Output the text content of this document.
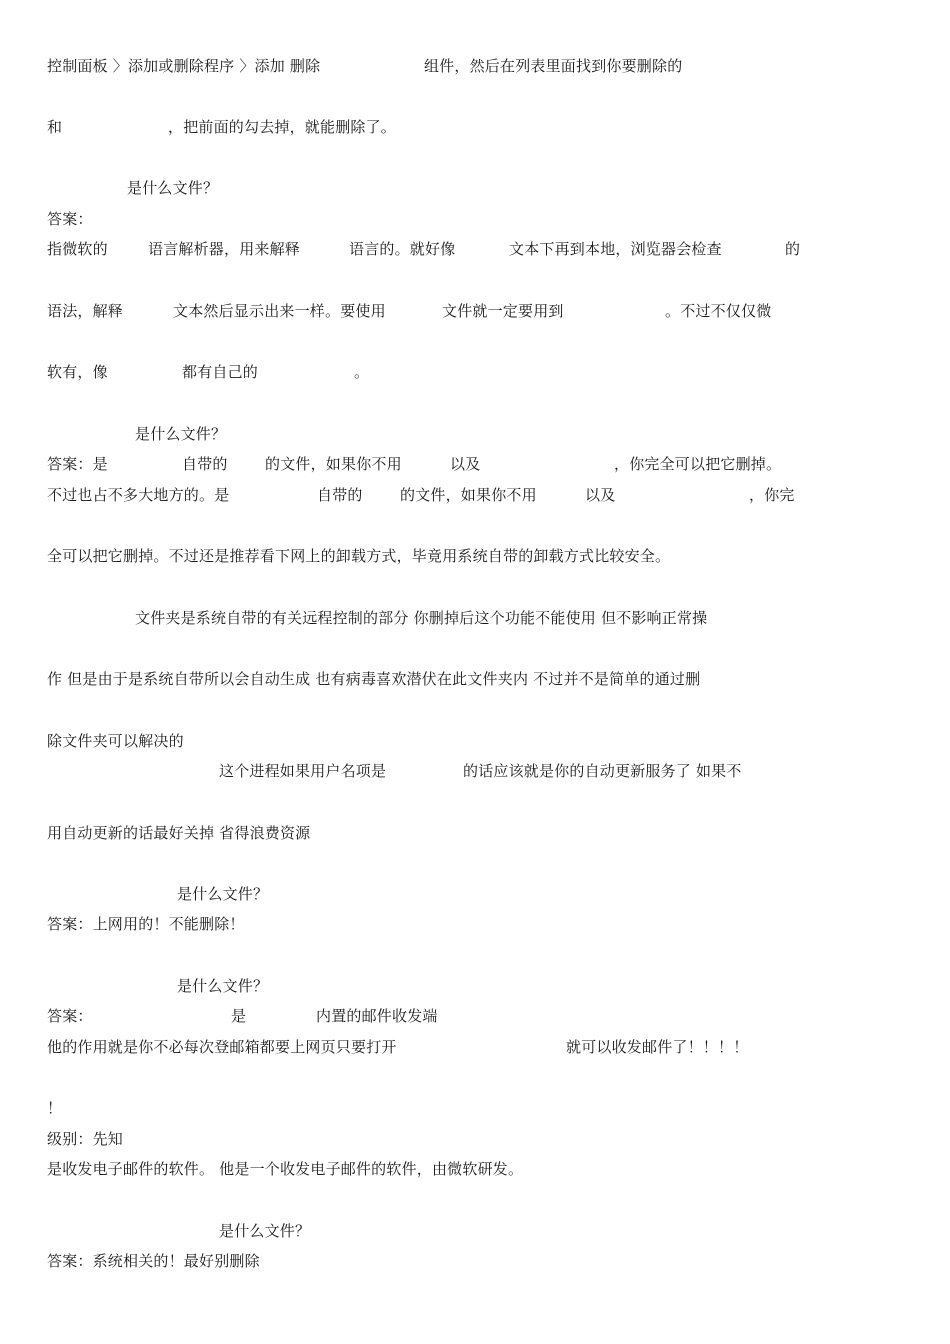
控制面板 〉添加或删除程序 〉添加 删除	组件，然后在列表里面找到你要删除的
和	，把前面的勾去掉，就能删除了。
是什么文件？
答案：
指微软的	语言解析器，用来解释	语言的。就好像	文本下再到本地，浏览器会检查	的
语法，解释	文本然后显示出来一样。要使用	文件就一定要用到	。不过不仅仅微
软有，像	都有自己的	。
是什么文件？
答案：是	自带的 的文件，如果你不用	以及	，你完全可以把它删掉。
不过也占不多大地方的。是	自带的 的文件，如果你不用	以及	，你完
全可以把它删掉。不过还是推荐看下网上的卸载方式，毕竟用系统自带的卸载方式比较安全。
文件夹是系统自带的有关远程控制的部分 你删掉后这个功能不能使用 但不影响正常操
作 但是由于是系统自带所以会自动生成 也有病毒喜欢潜伏在此文件夹内 不过并不是简单的通过删
除文件夹可以解决的
这个进程如果用户名项是	的话应该就是你的自动更新服务了 如果不
用自动更新的话最好关掉 省得浪费资源
是什么文件？
答案：上网用的！不能删除！
是什么文件？
答案：	是	内置的邮件收发端
他的作用就是你不必每次登邮箱都要上网页只要打开	就可以收发邮件了！！！！
！
级别：先知
是收发电子邮件的软件。 他是一个收发电子邮件的软件，由微软研发。
是什么文件？
答案：系统相关的！最好别删除
